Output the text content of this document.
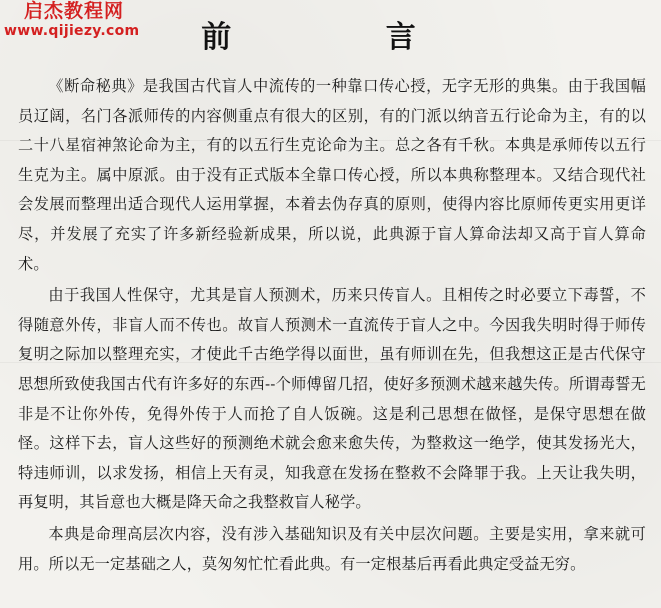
启杰教程网
www.qijiezy.com	前 言

《断命秘典》是我国古代盲人中流传的一种靠口传心授，无字无形的典集。由于我国幅员辽阔，名门各派师传的内容侧重点有很大的区别，有的门派以纳音五行论命为主，有的以二十八星宿神煞论命为主，有的以五行生克论命为主。总之各有千秋。本典是承师传以五行生克为主。属中原派。由于没有正式版本全靠口传心授，所以本典称整理本。又结合现代社会发展而整理出适合现代人运用掌握，本着去伪存真的原则，使得内容比原师传更实用更详尽，并发展了充实了许多新经验新成果，所以说，此典源于盲人算命法却又高于盲人算命术。

由于我国人性保守，尤其是盲人预测术，历来只传盲人。且相传之时必要立下毒誓，不得随意外传，非盲人而不传也。故盲人预测术一直流传于盲人之中。今因我失明时得于师传复明之际加以整理充实，才使此千古绝学得以面世，虽有师训在先，但我想这正是古代保守思想所致使我国古代有许多好的东西--个师傅留几招，使好多预测术越来越失传。所谓毒誓无非是不让你外传，免得外传于人而抢了自人饭碗。这是利己思想在做怪，是保守思想在做怪。这样下去，盲人这些好的预测绝术就会愈来愈失传，为整救这一绝学，使其发扬光大，特违师训，以求发扬，相信上天有灵，知我意在发扬在整救不会降罪于我。上天让我失明，再复明，其旨意也大概是降天命之我整救盲人秘学。

本典是命理高层次内容，没有涉入基础知识及有关中层次问题。主要是实用，拿来就可用。所以无一定基础之人，莫匆匆忙忙看此典。有一定根基后再看此典定受益无穷。
